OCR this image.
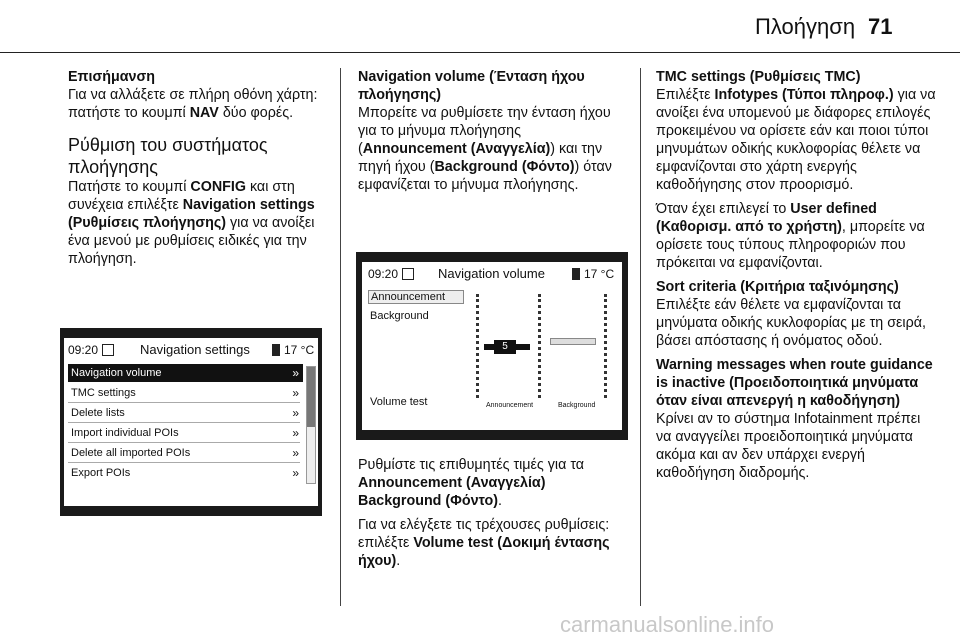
Πλοήγηση 71
Επισήμανση

Για να αλλάξετε σε πλήρη οθόνη χάρτη: πατήστε το κουμπί NAV δύο φορές.

Ρύθμιση του συστήματος πλοήγησης

Πατήστε το κουμπί CONFIG και στη συνέχεια επιλέξτε Navigation settings (Ρυθμίσεις πλοήγησης) για να ανοίξει ένα μενού με ρυθμίσεις ειδικές για την πλοήγηση.

09:20	Navigation settings	17 °C
Navigation volume	»
TMC settings	»
Delete lists	»
Import individual POIs	»
Delete all imported POIs	»
Export POIs	»
Navigation volume (Ένταση ήχου πλοήγησης)

Μπορείτε να ρυθμίσετε την ένταση ήχου για το μήνυμα πλοήγησης (Announcement (Αναγγελία)) και την πηγή ήχου (Background (Φόντο)) όταν εμφανίζεται το μήνυμα πλοήγησης.

09:20	Navigation volume	17 °C
Announcement
Background
Volume test
5
Announcement	Background

Ρυθμίστε τις επιθυμητές τιμές για τα Announcement (Αναγγελία) Background (Φόντο).

Για να ελέγξετε τις τρέχουσες ρυθμίσεις: επιλέξτε Volume test (Δοκιμή έντασης ήχου).

TMC settings (Ρυθμίσεις TMC)

Επιλέξτε Infotypes (Τύποι πληροφ.) για να ανοίξει ένα υπομενού με διάφορες επιλογές προκειμένου να ορίσετε εάν και ποιοι τύποι μηνυμάτων οδικής κυκλοφορίας θέλετε να εμφανίζονται στο χάρτη ενεργής καθοδήγησης στον προορισμό.

Όταν έχει επιλεγεί το User defined (Καθορισμ. από το χρήστη), μπορείτε να ορίσετε τους τύπους πληροφοριών που πρόκειται να εμφανίζονται.

Sort criteria (Κριτήρια ταξινόμησης)

Επιλέξτε εάν θέλετε να εμφανίζονται τα μηνύματα οδικής κυκλοφορίας με τη σειρά, βάσει απόστασης ή ονόματος οδού.

Warning messages when route guidance is inactive (Προειδοποιητικά μηνύματα όταν είναι απενεργή η καθοδήγηση)

Κρίνει αν το σύστημα Infotainment πρέπει να αναγγείλει προειδοποιητικά μηνύματα ακόμα και αν δεν υπάρχει ενεργή καθοδήγηση διαδρομής.

carmanualsonline.info
